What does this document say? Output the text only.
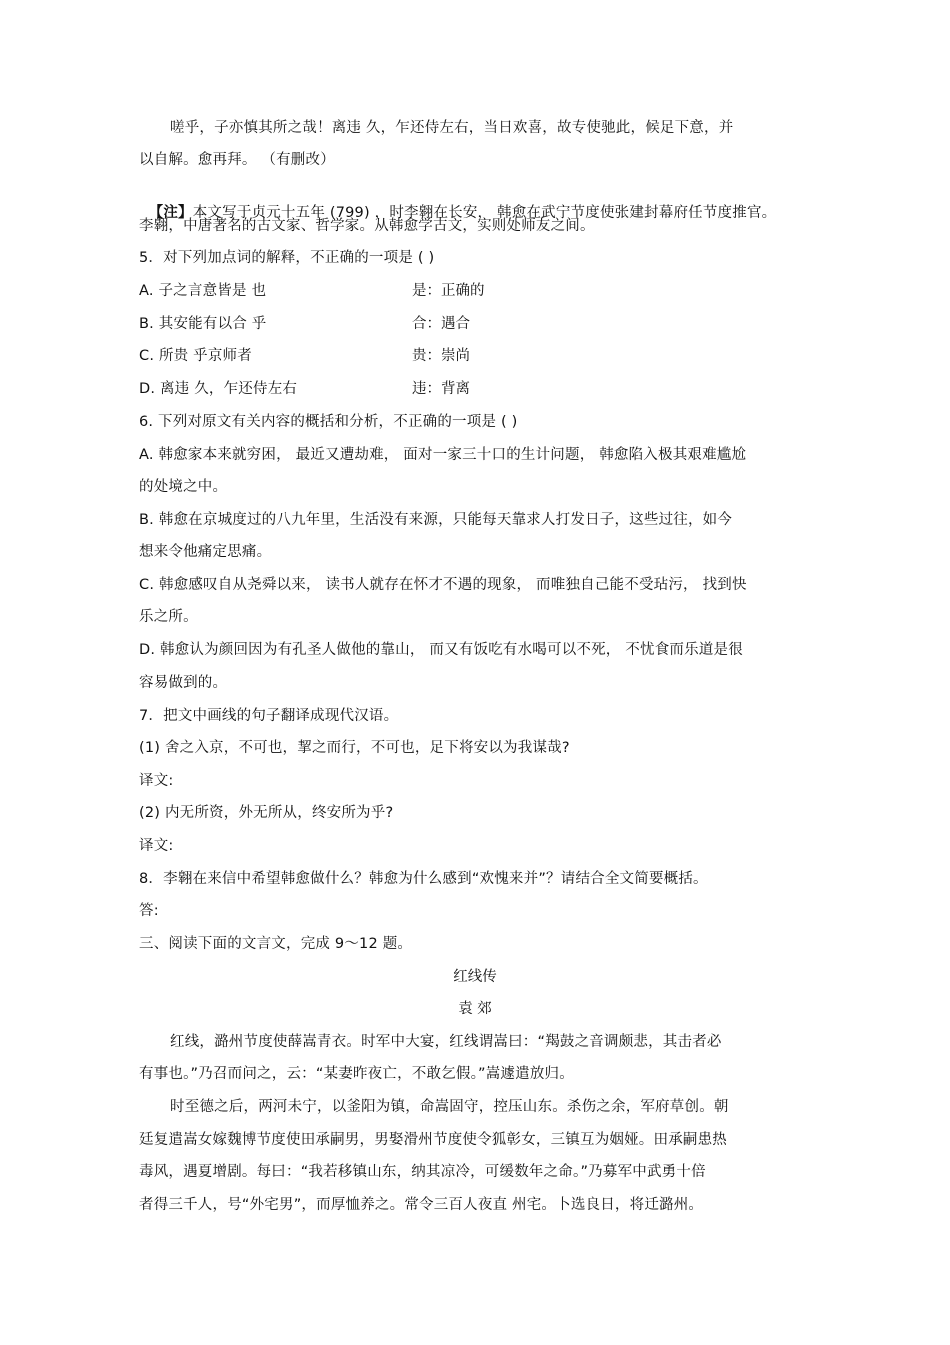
嗟乎，子亦慎其所之哉！离违 久，乍还侍左右，当日欢喜，故专使驰此，候足下意，并
以自解。愈再拜。 （有删改）

【注】本文写于贞元十五年 (799) ，时李翱在长安， 韩愈在武宁节度使张建封幕府任节度推官。

李翱，中唐著名的古文家、哲学家。从韩愈学古文，实则处师友之间。
5．对下列加点词的解释，不正确的一项是 ( )
A. 子之言意皆是 也	是：正确的
B. 其安能有以合 乎	合：遇合
C. 所贵 乎京师者	贵：崇尚
D. 离违 久，乍还侍左右	违：背离
6. 下列对原文有关内容的概括和分析，不正确的一项是 ( )
A. 韩愈家本来就穷困， 最近又遭劫难， 面对一家三十口的生计问题， 韩愈陷入极其艰难尴尬
的处境之中。
B. 韩愈在京城度过的八九年里，生活没有来源，只能每天靠求人打发日子，这些过往，如今
想来令他痛定思痛。
C. 韩愈感叹自从尧舜以来， 读书人就存在怀才不遇的现象， 而唯独自己能不受玷污， 找到快
乐之所。
D. 韩愈认为颜回因为有孔圣人做他的靠山， 而又有饭吃有水喝可以不死， 不忧食而乐道是很
容易做到的。
7．把文中画线的句子翻译成现代汉语。
(1) 舍之入京，不可也，挈之而行，不可也，足下将安以为我谋哉?
译文:
(2) 内无所资，外无所从，终安所为乎?
译文:
8．李翱在来信中希望韩愈做什么？韩愈为什么感到“欢愧来并”？请结合全文简要概括。
答:
三、阅读下面的文言文，完成 9～12 题。
红线传
袁 郊
红线，潞州节度使薛嵩青衣。时军中大宴，红线谓嵩曰：“羯鼓之音调颇悲，其击者必
有事也。”乃召而问之，云：“某妻昨夜亡，不敢乞假。”嵩遽遣放归。
时至德之后，两河未宁，以釜阳为镇，命嵩固守，控压山东。杀伤之余，军府草创。朝
廷复遣嵩女嫁魏博节度使田承嗣男，男娶滑州节度使令狐彰女，三镇互为姻娅。田承嗣患热
毒风，遇夏增剧。每曰：“我若移镇山东，纳其凉冷，可缓数年之命。”乃募军中武勇十倍
者得三千人，号“外宅男”，而厚恤养之。常令三百人夜直 州宅。卜选良日，将迁潞州。
